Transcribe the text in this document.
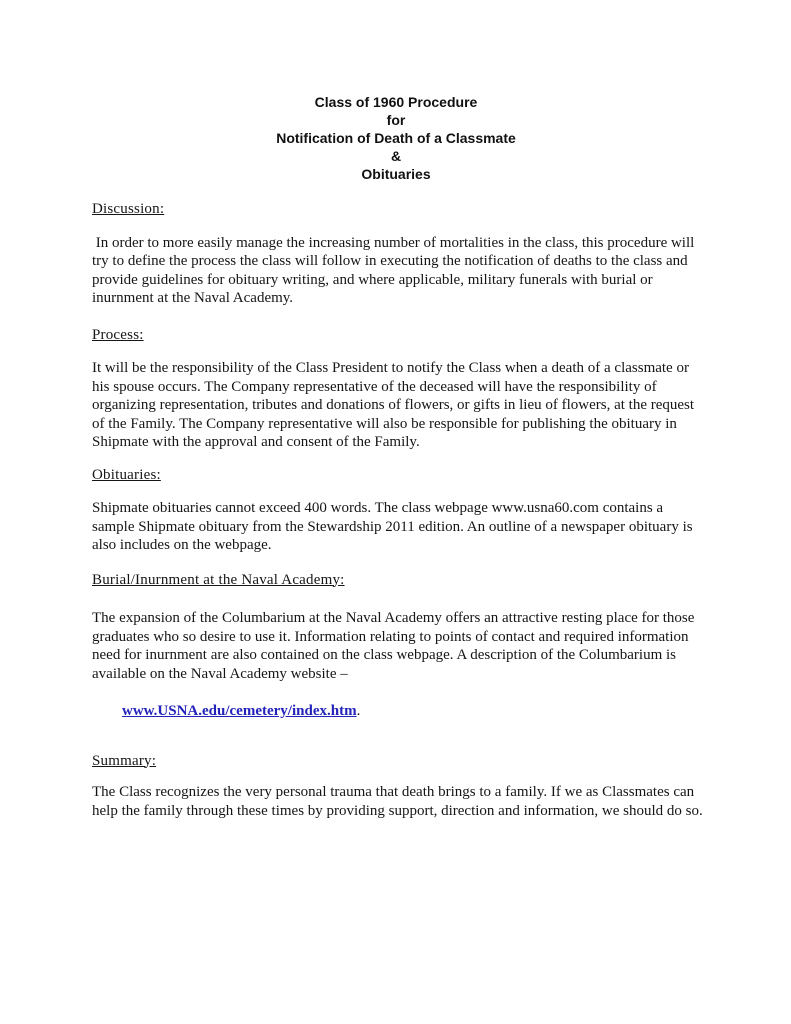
Class of 1960 Procedure
for
Notification of Death of a Classmate
&
Obituaries
Discussion:

In order to more easily manage the increasing number of mortalities in the class, this procedure will try to define the process the class will follow in executing the notification of deaths to the class and provide guidelines for obituary writing, and where applicable, military funerals with burial or inurnment at the Naval Academy.

Process:

It will be the responsibility of the Class President to notify the Class when a death of a classmate or his spouse occurs. The Company representative of the deceased will have the responsibility of organizing representation, tributes and donations of flowers, or gifts in lieu of flowers, at the request of the Family. The Company representative will also be responsible for publishing the obituary in Shipmate with the approval and consent of the Family.

Obituaries:

Shipmate obituaries cannot exceed 400 words. The class webpage www.usna60.com contains a sample Shipmate obituary from the Stewardship 2011 edition. An outline of a newspaper obituary is also includes on the webpage.

Burial/Inurnment at the Naval Academy:

The expansion of the Columbarium at the Naval Academy offers an attractive resting place for those graduates who so desire to use it. Information relating to points of contact and required information need for inurnment are also contained on the class webpage. A description of the Columbarium is available on the Naval Academy website –

www.USNA.edu/cemetery/index.htm.

Summary:

The Class recognizes the very personal trauma that death brings to a family. If we as Classmates can help the family through these times by providing support, direction and information, we should do so.
